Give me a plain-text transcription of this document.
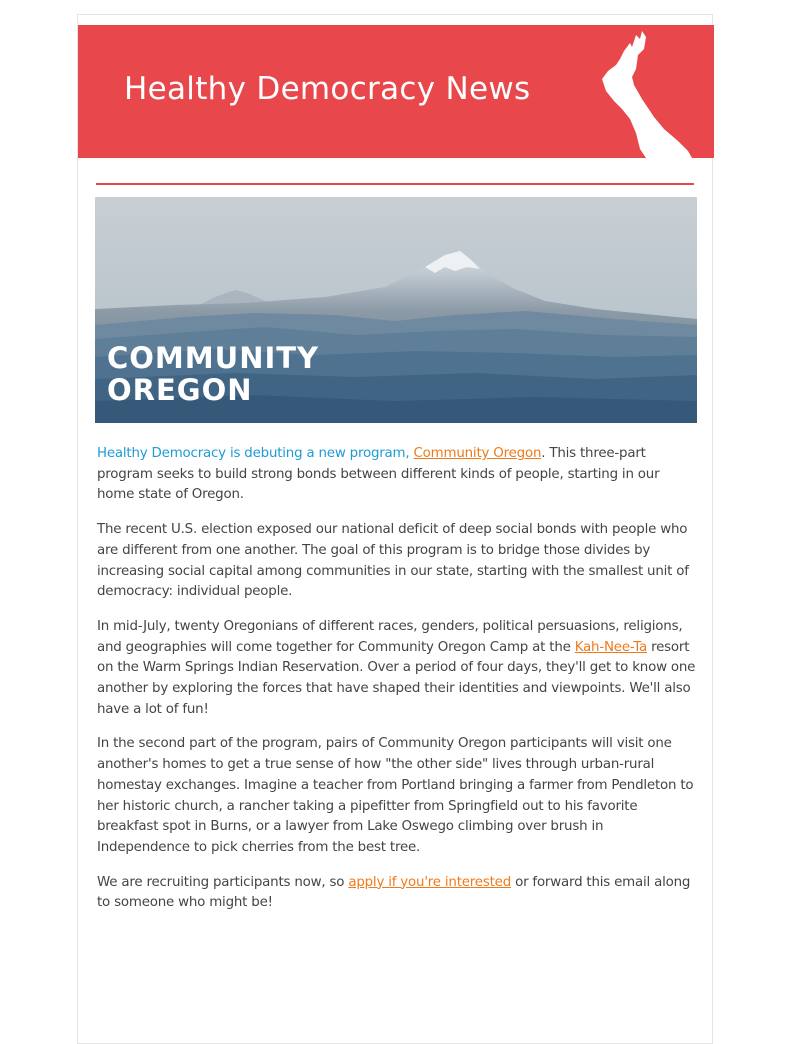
Healthy Democracy News
COMMUNITY
OREGON

Healthy Democracy is debuting a new program, Community Oregon. This three-part program seeks to build strong bonds between different kinds of people, starting in our home state of Oregon.

The recent U.S. election exposed our national deficit of deep social bonds with people who are different from one another. The goal of this program is to bridge those divides by increasing social capital among communities in our state, starting with the smallest unit of democracy: individual people.

In mid-July, twenty Oregonians of different races, genders, political persuasions, religions, and geographies will come together for Community Oregon Camp at the Kah-Nee-Ta resort on the Warm Springs Indian Reservation. Over a period of four days, they'll get to know one another by exploring the forces that have shaped their identities and viewpoints. We'll also have a lot of fun!

In the second part of the program, pairs of Community Oregon participants will visit one another's homes to get a true sense of how "the other side" lives through urban-rural homestay exchanges. Imagine a teacher from Portland bringing a farmer from Pendleton to her historic church, a rancher taking a pipefitter from Springfield out to his favorite breakfast spot in Burns, or a lawyer from Lake Oswego climbing over brush in Independence to pick cherries from the best tree.

We are recruiting participants now, so apply if you're interested or forward this email along to someone who might be!
